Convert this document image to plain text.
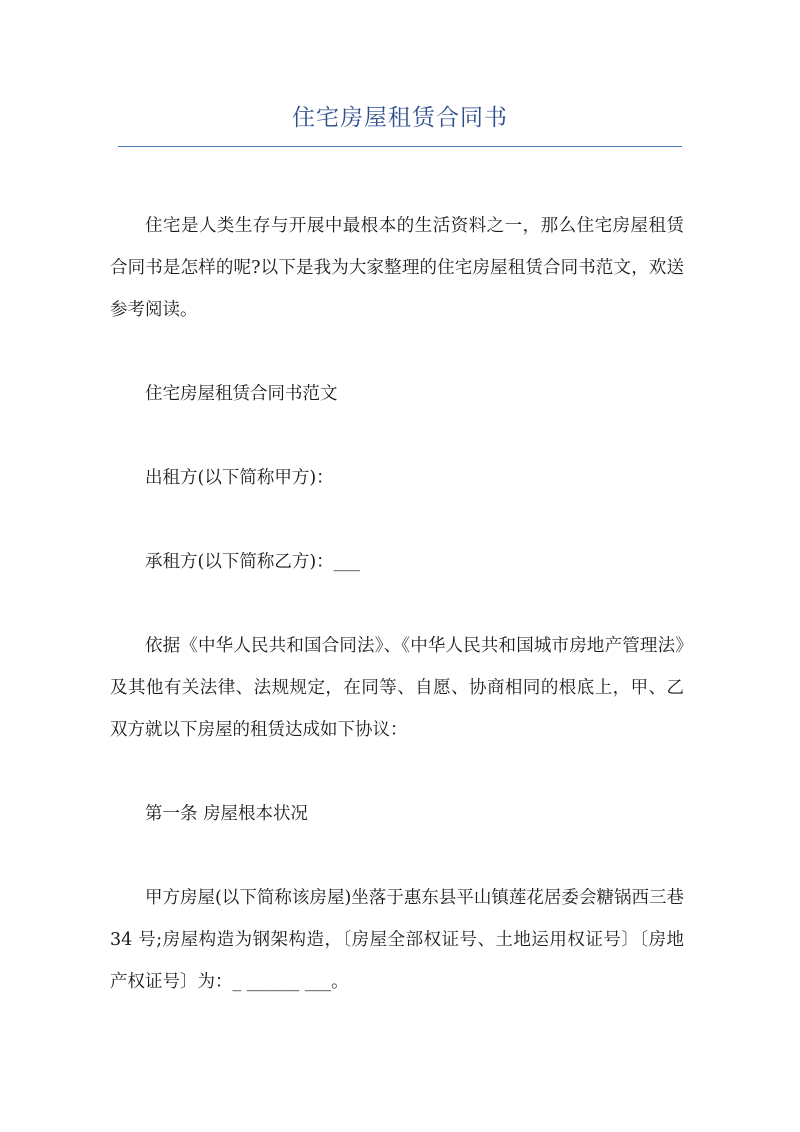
住宅房屋租赁合同书

住宅是人类生存与开展中最根本的生活资料之一，那么住宅房屋租赁合同书是怎样的呢?以下是我为大家整理的住宅房屋租赁合同书范文，欢送参考阅读。

住宅房屋租赁合同书范文

出租方(以下简称甲方)：

承租方(以下简称乙方)：___

依据《中华人民共和国合同法》、《中华人民共和国城市房地产管理法》及其他有关法律、法规规定，在同等、自愿、协商相同的根底上，甲、乙双方就以下房屋的租赁达成如下协议：

第一条 房屋根本状况

甲方房屋(以下简称该房屋)坐落于惠东县平山镇莲花居委会糖锅西三巷 34 号;房屋构造为钢架构造，〔房屋全部权证号、土地运用权证号〕〔房地产权证号〕为：_ ______ ___。
